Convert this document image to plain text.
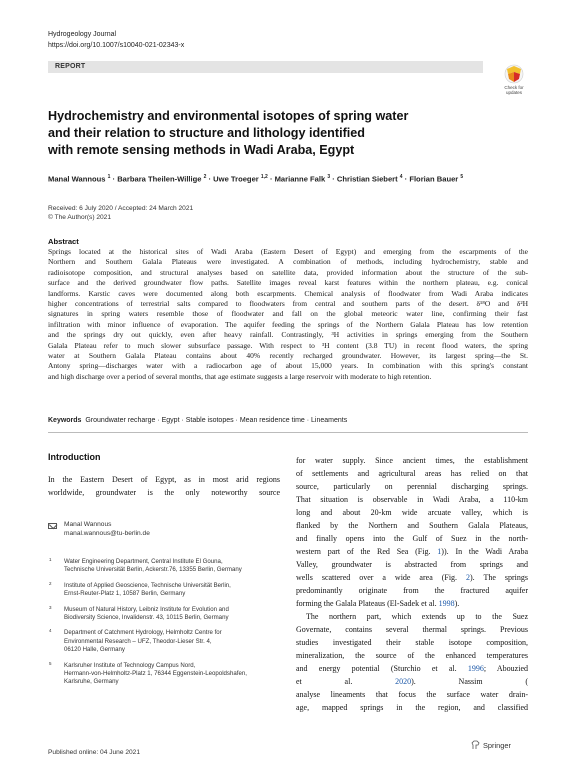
Hydrogeology Journal
https://doi.org/10.1007/s10040-021-02343-x
Check for
updates
REPORT
Hydrochemistry and environmental isotopes of spring water
and their relation to structure and lithology identified
with remote sensing methods in Wadi Araba, Egypt
Manal Wannous $^1$ · Barbara Theilen-Willige $^2$ · Uwe Troeger $^{1,2}$ · Marianne Falk $^3$ · Christian Siebert $^4$ · Florian Bauer $^5$
Received: 6 July 2020 / Accepted: 24 March 2021
© The Author(s) 2021
Abstract
Springs located at the historical sites of Wadi Araba (Eastern Desert of Egypt) and emerging from the escarpments of the
Northern and Southern Galala Plateaus were investigated. A combination of methods, including hydrochemistry, stable and
radioisotope composition, and structural analyses based on satellite data, provided information about the structure of the sub-
surface and the derived groundwater flow paths. Satellite images reveal karst features within the northern plateau, e.g. conical
landforms. Karstic caves were documented along both escarpments. Chemical analysis of floodwater from Wadi Araba indicates
higher concentrations of terrestrial salts compared to floodwaters from central and southern parts of the desert. δ¹⁸O and δ²H
signatures in spring waters resemble those of floodwater and fall on the global meteoric water line, confirming their fast
infiltration with minor influence of evaporation. The aquifer feeding the springs of the Northern Galala Plateau has low retention
and the springs dry out quickly, even after heavy rainfall. Contrastingly, ³H activities in springs emerging from the Southern
Galala Plateau refer to much slower subsurface passage. With respect to ³H content (3.8 TU) in recent flood waters, the spring
water at Southern Galala Plateau contains about 40% recently recharged groundwater. However, its largest spring—the St.
Antony spring—discharges water with a radiocarbon age of about 15,000 years. In combination with this spring's constant
and high discharge over a period of several months, that age estimate suggests a large reservoir with moderate to high retention.
Keywords Groundwater recharge · Egypt · Stable isotopes · Mean residence time · Lineaments
Introduction
In the Eastern Desert of Egypt, as in most arid regions
worldwide, groundwater is the only noteworthy source
Manal Wannous
manal.wannous@tu-berlin.de
1 Water Engineering Department, Central Institute El Gouna,
Technische Universität Berlin, Ackerstr.76, 13355 Berlin, Germany
2 Institute of Applied Geoscience, Technische Universität Berlin,
Ernst-Reuter-Platz 1, 10587 Berlin, Germany
3 Museum of Natural History, Leibniz Institute for Evolution and
Biodiversity Science, Invalidenstr. 43, 10115 Berlin, Germany
4 Department of Catchment Hydrology, Helmholtz Centre for
Environmental Research – UFZ, Theodor-Lieser Str. 4,
06120 Halle, Germany
5 Karlsruher Institute of Technology Campus Nord,
Hermann-von-Helmholtz-Platz 1, 76344 Eggenstein-Leopoldshafen,
Karlsruhe, Germany
Published online: 04 June 2021
for water supply. Since ancient times, the establishment
of settlements and agricultural areas has relied on that
source, particularly on perennial discharging springs.
That situation is observable in Wadi Araba, a 110-km
long and about 20-km wide arcuate valley, which is
flanked by the Northern and Southern Galala Plateaus,
and finally opens into the Gulf of Suez in the north-
western part of the Red Sea (Fig. 1)). In the Wadi Araba
Valley, groundwater is abstracted from springs and
wells scattered over a wide area (Fig. 2). The springs
predominantly originate from the fractured aquifer
forming the Galala Plateaus (El-Sadek et al. 1998).
The northern part, which extends up to the Suez
Governate, contains several thermal springs. Previous
studies investigated their stable isotope composition,
mineralization, the source of the enhanced temperatures
and energy potential (Sturchio et al. 1996; Abouzied
et al. 2020). Nassim (
analyse lineaments that focus the surface water drain-
age, mapped springs in the region, and classified
Springer
